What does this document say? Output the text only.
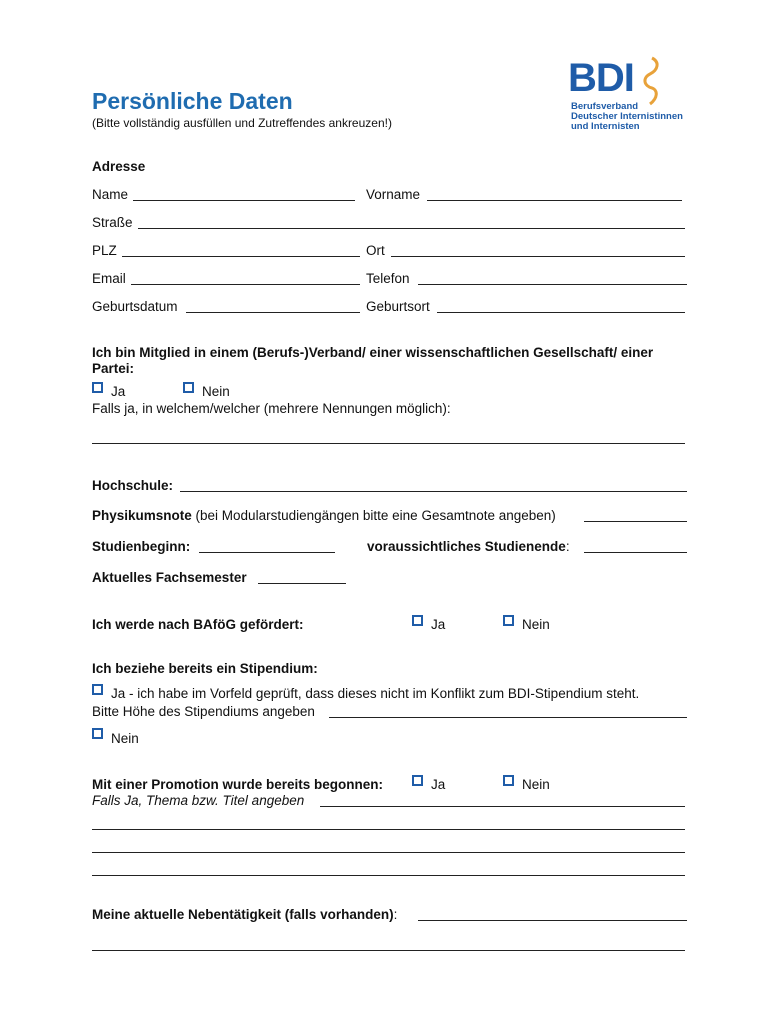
BDI
Berufsverband
Deutscher Internistinnen
und Internisten
Persönliche Daten
(Bitte vollständig ausfüllen und Zutreffendes ankreuzen!)
Adresse
Name	Vorname
Straße
PLZ	Ort
Email	Telefon
Geburtsdatum	Geburtsort
Ich bin Mitglied in einem (Berufs-)Verband/ einer wissenschaftlichen Gesellschaft/ einer
Partei:
Ja	Nein
Falls ja, in welchem/welcher (mehrere Nennungen möglich):
Hochschule:
Physikumsnote (bei Modularstudiengängen bitte eine Gesamtnote angeben)
Studienbeginn:	voraussichtliches Studienende:
Aktuelles Fachsemester
Ich werde nach BAföG gefördert:	Ja	Nein
Ich beziehe bereits ein Stipendium:
Ja - ich habe im Vorfeld geprüft, dass dieses nicht im Konflikt zum BDI-Stipendium steht.
Bitte Höhe des Stipendiums angeben
Nein
Mit einer Promotion wurde bereits begonnen:	Ja	Nein
Falls Ja, Thema bzw. Titel angeben
Meine aktuelle Nebentätigkeit (falls vorhanden):
